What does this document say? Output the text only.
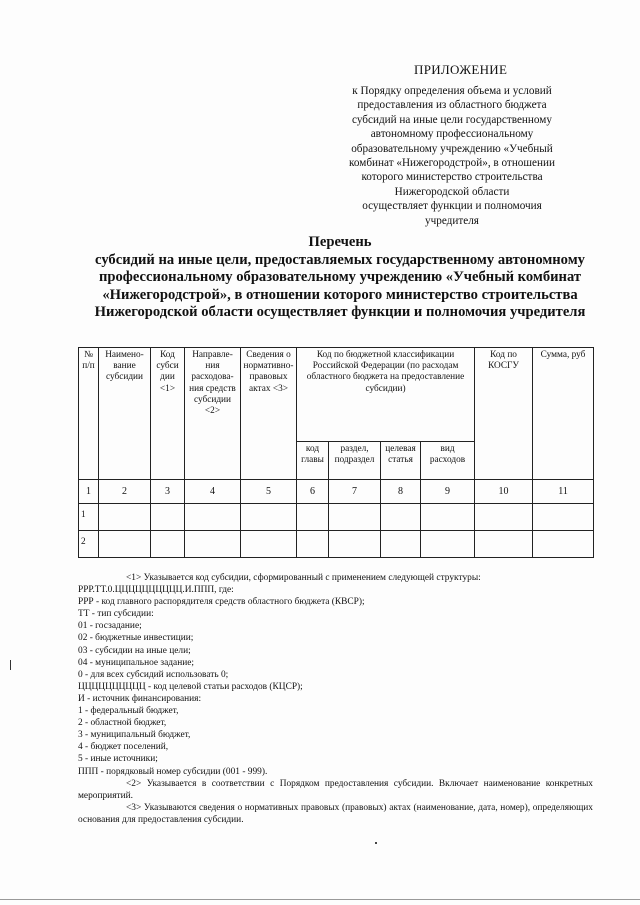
ПРИЛОЖЕНИЕ
к Порядку определения объема и условий
предоставления из областного бюджета
субсидий на иные цели государственному
автономному профессиональному
образовательному учреждению «Учебный
комбинат «Нижегородстрой», в отношении
которого министерство строительства
Нижегородской области
осуществляет функции и полномочия
учредителя
Перечень
субсидий на иные цели, предоставляемых государственному автономному
профессиональному образовательному учреждению «Учебный комбинат
«Нижегородстрой», в отношении которого министерство строительства
Нижегородской области осуществляет функции и полномочия учредителя
№ п/п	Наимено-вание субсидии	Код субси дии <1>	Направле-ния расходова-ния средств субсидии <2>	Сведения о нормативно-правовых актах <3>	Код по бюджетной классификации Российской Федерации (по расходам областного бюджета на предоставление субсидии)				Код по КОСГУ	Сумма, руб
					код главы	раздел, подраздел	целевая статья	вид расходов		
1	2	3	4	5	6	7	8	9	10	11
1										
2										

<1> Указывается код субсидии, сформированный с применением следующей структуры:

РРР.ТТ.0.ЦЦЦЦЦЦЦЦЦЦ.И.ППП, где:

РРР - код главного распорядителя средств областного бюджета (КВСР);

ТТ - тип субсидии:

01 - госзадание;

02 - бюджетные инвестиции;

03 - субсидии на иные цели;

04 - муниципальное задание;

0 - для всех субсидий использовать 0;

ЦЦЦЦЦЦЦЦЦЦ - код целевой статьи расходов (КЦСР);

И - источник финансирования:

1 - федеральный бюджет,

2 - областной бюджет,

3 - муниципальный бюджет,

4 - бюджет поселений,

5 - иные источники;

ППП - порядковый номер субсидии (001 - 999).

<2> Указывается в соответствии с Порядком предоставления субсидии. Включает наименование конкретных мероприятий.

<3> Указываются сведения о нормативных правовых (правовых) актах (наименование, дата, номер), определяющих основания для предоставления субсидии.
